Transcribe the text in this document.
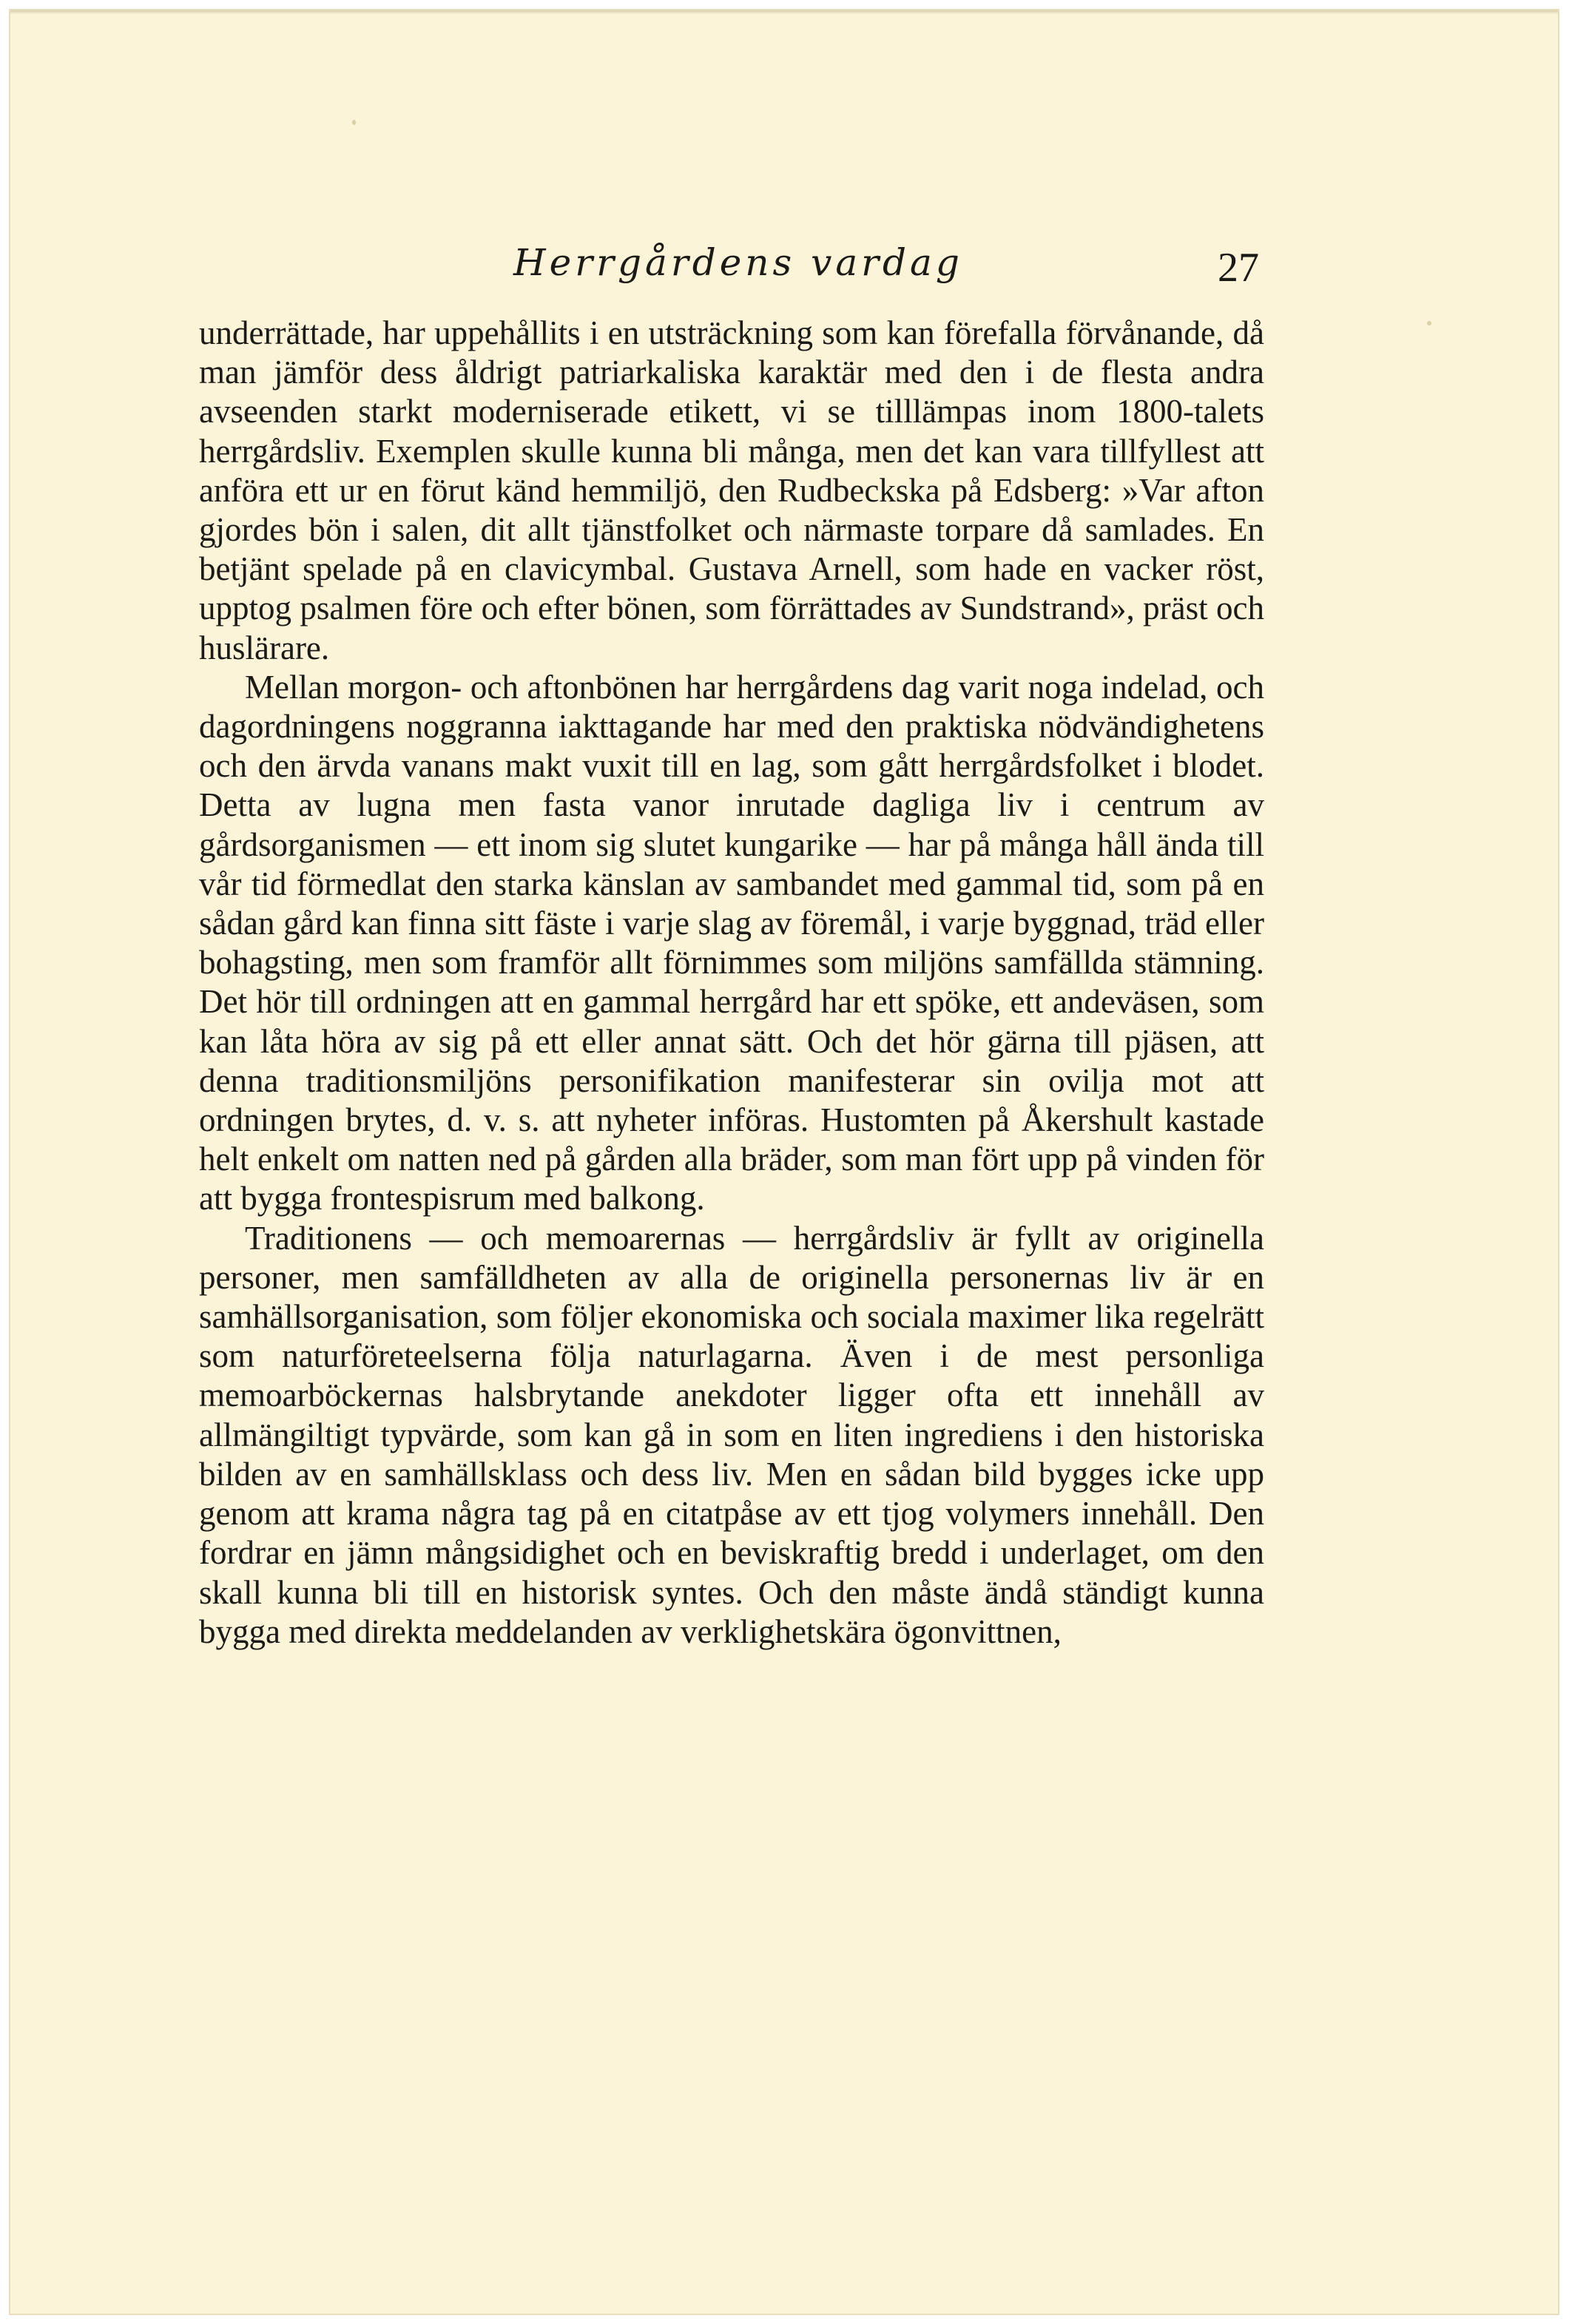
Herrgårdens vardag	27

underrättade, har uppehållits i en utsträckning som kan förefalla förvånande, då man jämför dess åldrigt patriarkaliska karaktär med den i de flesta andra avseenden starkt moderniserade etikett, vi se tilllämpas inom 1800-talets herrgårdsliv. Exemplen skulle kunna bli många, men det kan vara tillfyllest att anföra ett ur en förut känd hemmiljö, den Rudbeckska på Edsberg: »Var afton gjordes bön i salen, dit allt tjänstfolket och närmaste torpare då samlades. En betjänt spelade på en clavicymbal. Gustava Arnell, som hade en vacker röst, upptog psalmen före och efter bönen, som förrättades av Sundstrand», präst och huslärare.

Mellan morgon- och aftonbönen har herrgårdens dag varit noga indelad, och dagordningens noggranna iakttagande har med den praktiska nödvändighetens och den ärvda vanans makt vuxit till en lag, som gått herrgårdsfolket i blodet. Detta av lugna men fasta vanor inrutade dagliga liv i centrum av gårdsorganismen — ett inom sig slutet kungarike — har på många håll ända till vår tid förmedlat den starka känslan av sambandet med gammal tid, som på en sådan gård kan finna sitt fäste i varje slag av föremål, i varje byggnad, träd eller bohagsting, men som framför allt förnimmes som miljöns samfällda stämning. Det hör till ordningen att en gammal herrgård har ett spöke, ett andeväsen, som kan låta höra av sig på ett eller annat sätt. Och det hör gärna till pjäsen, att denna traditionsmiljöns personifikation manifesterar sin ovilja mot att ordningen brytes, d. v. s. att nyheter införas. Hustomten på Åkershult kastade helt enkelt om natten ned på gården alla bräder, som man fört upp på vinden för att bygga frontespisrum med balkong.

Traditionens — och memoarernas — herrgårdsliv är fyllt av originella personer, men samfälldheten av alla de originella personernas liv är en samhällsorganisation, som följer ekonomiska och sociala maximer lika regelrätt som naturföreteelserna följa naturlagarna. Även i de mest personliga memoarböckernas halsbrytande anekdoter ligger ofta ett innehåll av allmängiltigt typvärde, som kan gå in som en liten ingrediens i den historiska bilden av en samhällsklass och dess liv. Men en sådan bild bygges icke upp genom att krama några tag på en citatpåse av ett tjog volymers innehåll. Den fordrar en jämn mångsidighet och en beviskraftig bredd i underlaget, om den skall kunna bli till en historisk syntes. Och den måste ändå ständigt kunna bygga med direkta meddelanden av verklighetskära ögonvittnen,
